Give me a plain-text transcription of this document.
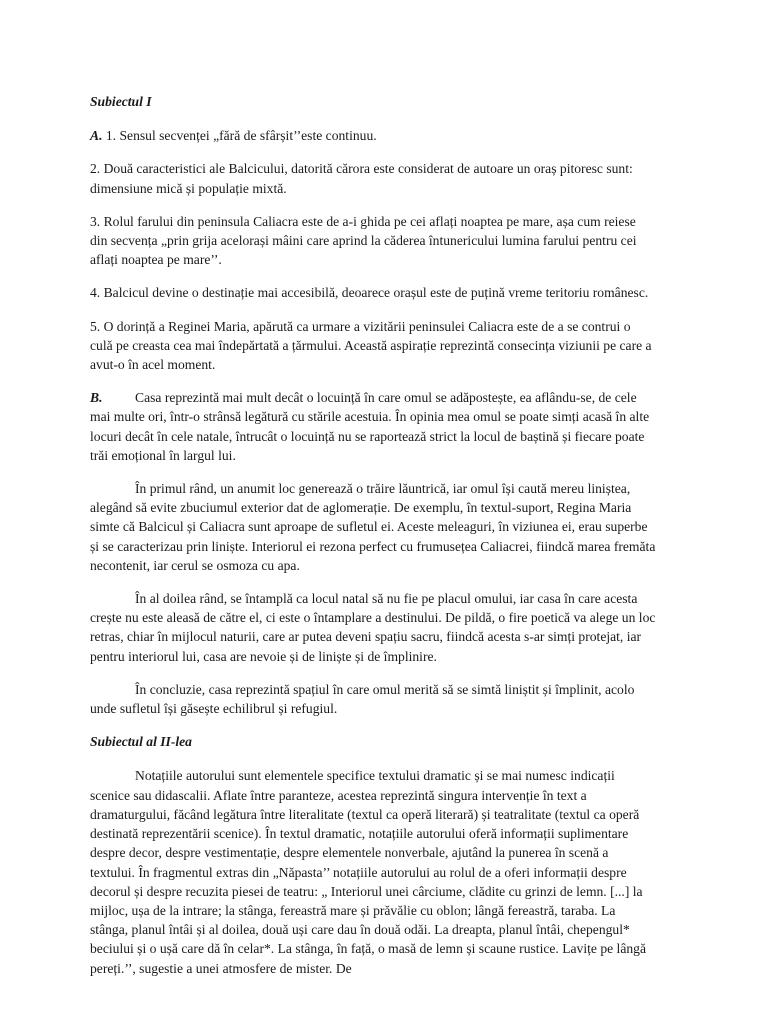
Subiectul I

A. 1. Sensul secvenței „fără de sfârșit’’este continuu.

2. Două caracteristici ale Balcicului, datorită cărora este considerat de autoare un oraș pitoresc sunt: dimensiune mică și populație mixtă.

3. Rolul farului din peninsula Caliacra este de a-i ghida pe cei aflați noaptea pe mare, așa cum reiese din secvența „prin grija acelorași mâini care aprind la căderea întunericului lumina farului pentru cei aflați noaptea pe mare’’.

4. Balcicul devine o destinație mai accesibilă, deoarece orașul este de puțină vreme teritoriu românesc.

5. O dorință a Reginei Maria, apărută ca urmare a vizitării peninsulei Caliacra este de a se contrui o culă pe creasta cea mai îndepărtată a țărmului. Această aspirație reprezintă consecința viziunii pe care a avut-o în acel moment.

B. Casa reprezintă mai mult decât o locuință în care omul se adăpostește, ea aflându-se, de cele mai multe ori, într-o strânsă legătură cu stările acestuia. În opinia mea omul se poate simți acasă în alte locuri decât în cele natale, întrucât o locuință nu se raportează strict la locul de baștină și fiecare poate trăi emoțional în largul lui.

În primul rând, un anumit loc generează o trăire lăuntrică, iar omul își caută mereu liniștea, alegând să evite zbuciumul exterior dat de aglomerație. De exemplu, în textul-suport, Regina Maria simte că Balcicul și Caliacra sunt aproape de sufletul ei. Aceste meleaguri, în viziunea ei, erau superbe și se caracterizau prin liniște. Interiorul ei rezona perfect cu frumusețea Caliacrei, fiindcă marea fremăta necontenit, iar cerul se osmoza cu apa.

În al doilea rând, se întamplă ca locul natal să nu fie pe placul omului, iar casa în care acesta crește nu este aleasă de către el, ci este o întamplare a destinului. De pildă, o fire poetică va alege un loc retras, chiar în mijlocul naturii, care ar putea deveni spațiu sacru, fiindcă acesta s-ar simți protejat, iar pentru interiorul lui, casa are nevoie și de liniște și de împlinire.

În concluzie, casa reprezintă spațiul în care omul merită să se simtă liniștit și împlinit, acolo unde sufletul își găsește echilibrul și refugiul.

Subiectul al II-lea

Notațiile autorului sunt elementele specifice textului dramatic și se mai numesc indicații scenice sau didascalii. Aflate între paranteze, acestea reprezintă singura intervenție în text a dramaturgului, făcând legătura între literalitate (textul ca operă literară) și teatralitate (textul ca operă destinată reprezentării scenice). În textul dramatic, notațiile autorului oferă informații suplimentare despre decor, despre vestimentație, despre elementele nonverbale, ajutând la punerea în scenă a textului. În fragmentul extras din „Năpasta’’ notațiile autorului au rolul de a oferi informații despre decorul și despre recuzita piesei de teatru: „ Interiorul unei cârciume, clădite cu grinzi de lemn. [...] la mijloc, ușa de la intrare; la stânga, fereastră mare și prăvălie cu oblon; lângă fereastră, taraba. La stânga, planul întâi și al doilea, două uși care dau în două odăi. La dreapta, planul întâi, chepengul* beciului și o ușă care dă în celar*. La stânga, în față, o masă de lemn și scaune rustice. Lavițe pe lângă pereți.’’, sugestie a unei atmosfere de mister. De
